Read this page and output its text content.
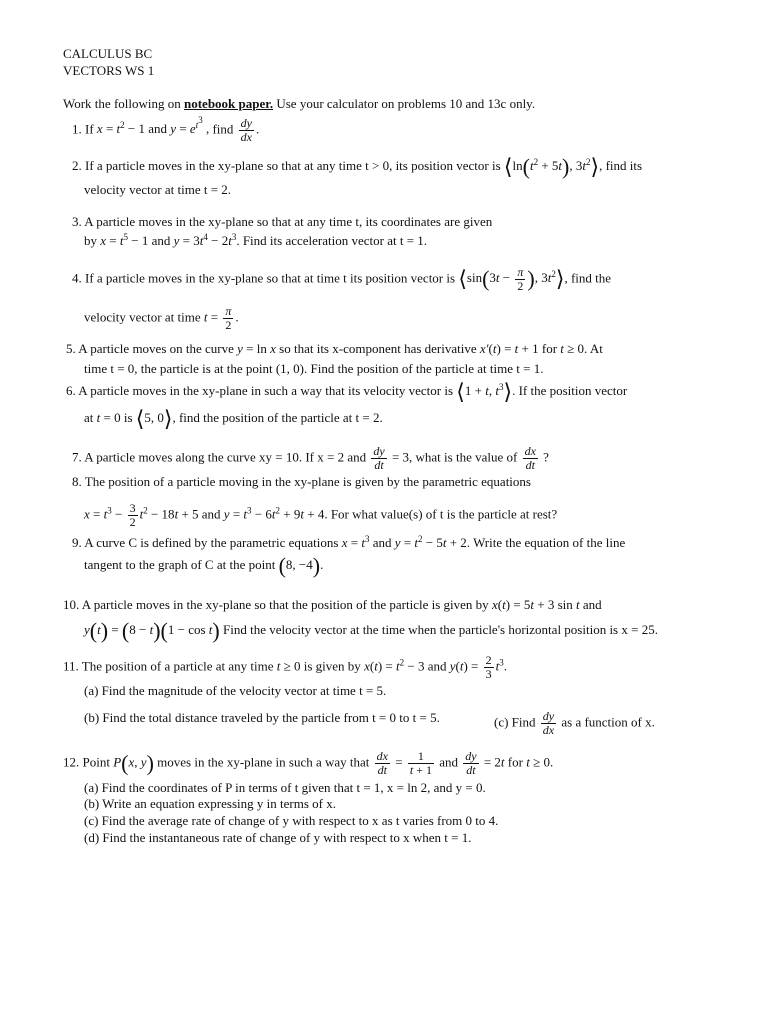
CALCULUS BC
VECTORS WS 1
Work the following on notebook paper. Use your calculator on problems 10 and 13c only.
1. If $x = t^2 - 1$ and $y = e^{t^3}$ , find $\frac{dy}{dx}$ .
2. If a particle moves in the xy-plane so that at any time t > 0, its position vector is $⟨\ln(t^2 + 5t)$, $3t^2⟩$, find its
velocity vector at time t = 2.
3. A particle moves in the xy-plane so that at any time t, its coordinates are given
by $x = t^5 - 1$ and $y = 3t^4 - 2t^3$. Find its acceleration vector at t = 1.
4. If a particle moves in the xy-plane so that at time t its position vector is ⟨sin(3t − $\frac{\pi}{2}$ ), $3t^2⟩$, find the
velocity vector at time $t = \frac{\pi}{2}$ .
5. A particle moves on the curve y = ln x so that its x-component has derivative x′(t) = t + 1 for t ≥ 0. At
time t = 0, the particle is at the point (1, 0). Find the position of the particle at time t = 1.
6. A particle moves in the xy-plane in such a way that its velocity vector is ⟨1 + t, $t^3⟩$. If the position vector
at t = 0 is ⟨5, 0⟩, find the position of the particle at t = 2.
7. A particle moves along the curve xy = 10. If x = 2 and $\frac{dy}{dt} = 3$, what is the value of $\frac{dx}{dt}$ ?
8. The position of a particle moving in the xy-plane is given by the parametric equations
$x = t^3 - \frac{3}{2} t^2 - 18t + 5$ and $y = t^3 - 6t^2 + 9t + 4$. For what value(s) of t is the particle at rest?
9. A curve C is defined by the parametric equations $x = t^3$ and $y = t^2 - 5t + 2$. Write the equation of the line
tangent to the graph of C at the point (8, −4).
10. A particle moves in the xy-plane so that the position of the particle is given by x(t) = 5t + 3 sin t and
y(t) = (8 − t)(1 − cos t) Find the velocity vector at the time when the particle's horizontal position is x = 25.
11. The position of a particle at any time t ≥ 0 is given by $x(t) = t^2 - 3$ and $y(t) = \frac{2}{3} t^3$.
(a) Find the magnitude of the velocity vector at time t = 5.
(b) Find the total distance traveled by the particle from t = 0 to t = 5.	(c) Find $\frac{dy}{dx}$ as a function of x.
12. Point P(x, y) moves in the xy-plane in such a way that $\frac{dx}{dt} = \frac{1}{t + 1}$ and $\frac{dy}{dt} = 2t$ for t ≥ 0.
(a) Find the coordinates of P in terms of t given that t = 1, x = ln 2, and y = 0.
(b) Write an equation expressing y in terms of x.
(c) Find the average rate of change of y with respect to x as t varies from 0 to 4.
(d) Find the instantaneous rate of change of y with respect to x when t = 1.
